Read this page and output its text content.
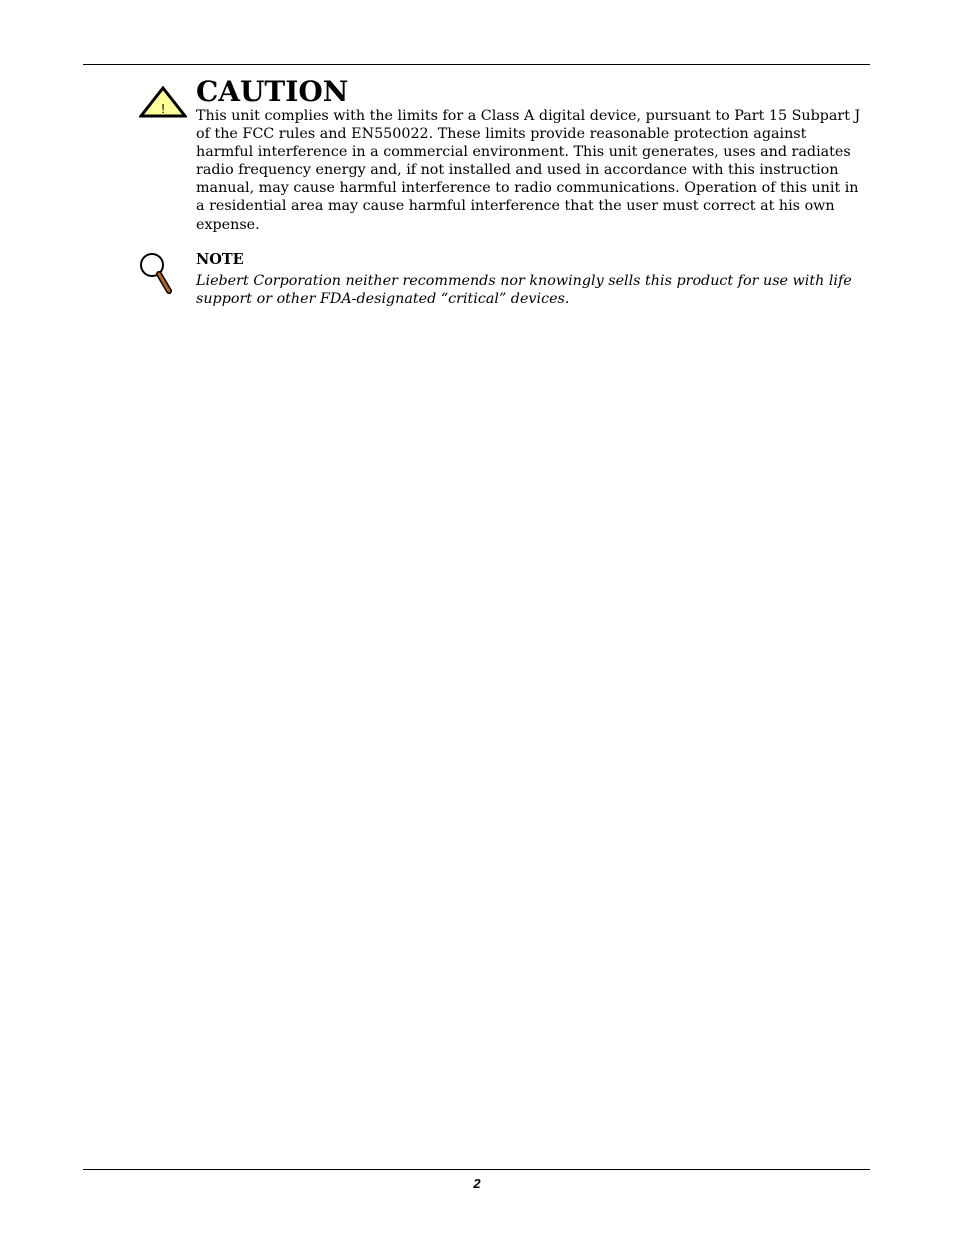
!
CAUTION
This unit complies with the limits for a Class A digital device, pursuant to Part 15 Subpart J of the FCC rules and EN550022. These limits provide reasonable protection against harmful interference in a commercial environment. This unit generates, uses and radiates radio frequency energy and, if not installed and used in accordance with this instruction manual, may cause harmful interference to radio communications. Operation of this unit in a residential area may cause harmful interference that the user must correct at his own expense.
NOTE
Liebert Corporation neither recommends nor knowingly sells this product for use with life support or other FDA-designated “critical” devices.
2
